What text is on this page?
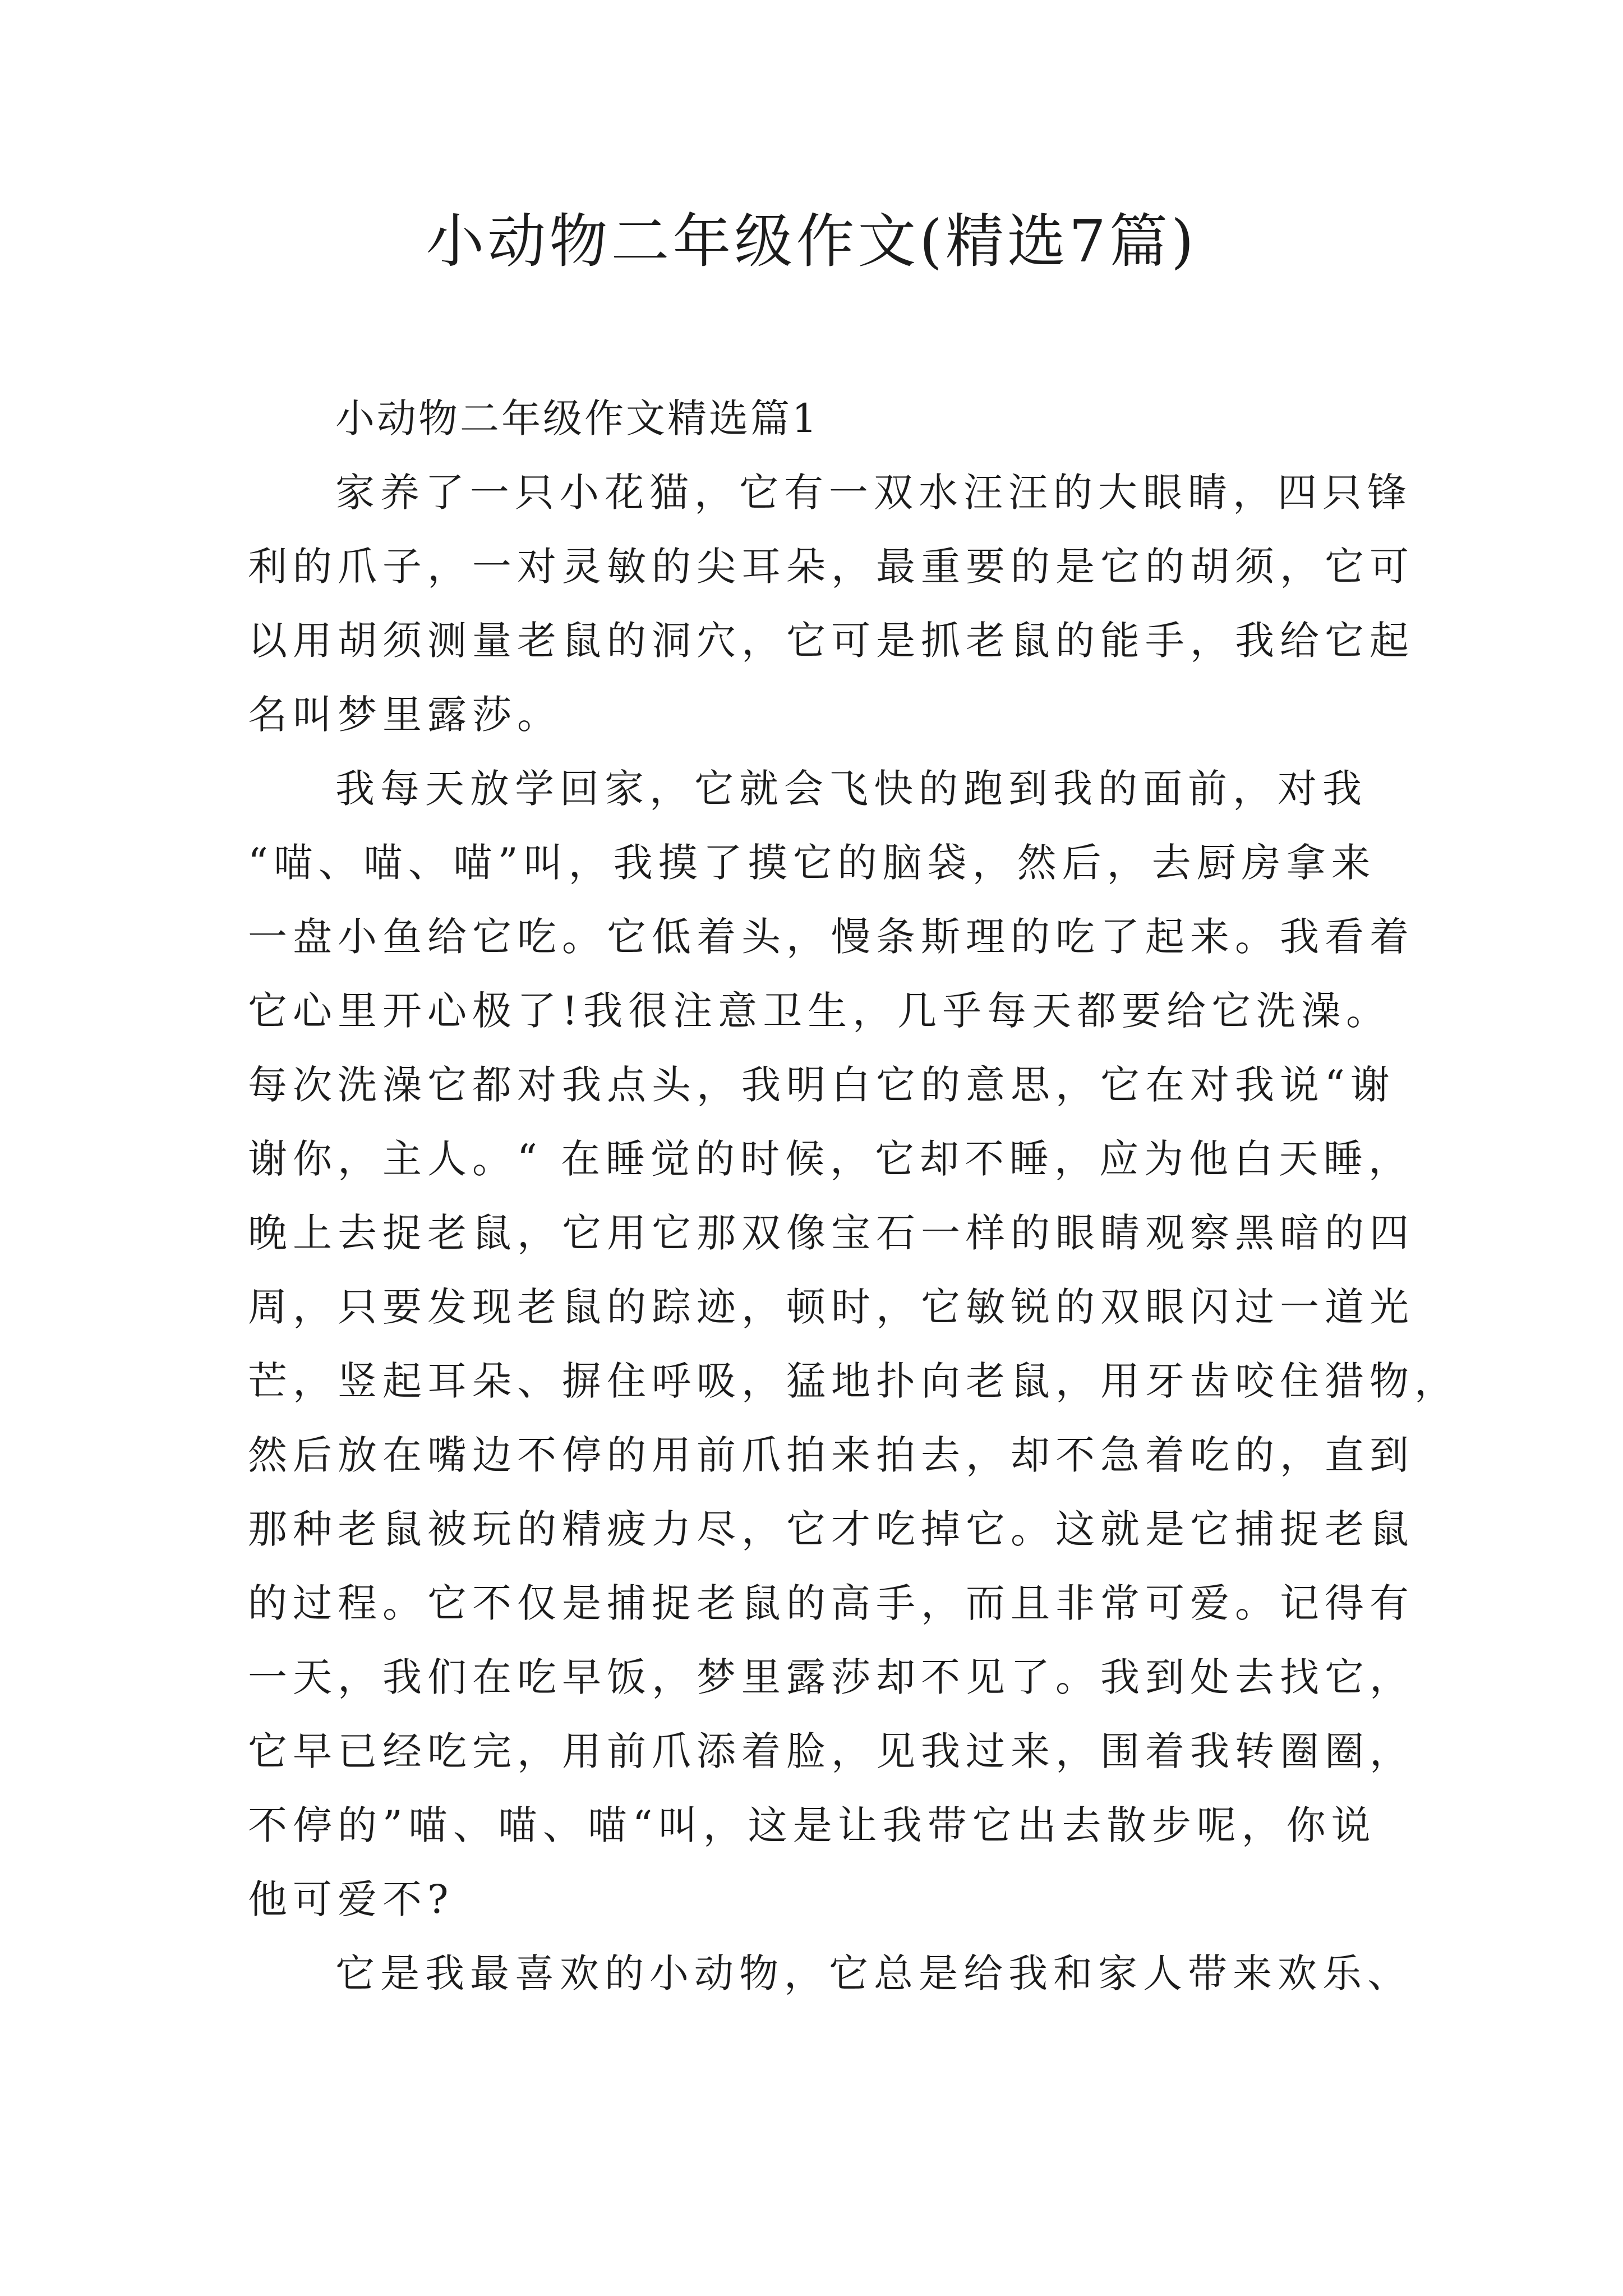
小动物二年级作文(精选7篇)
小动物二年级作文精选篇1

家养了一只小花猫，它有一双水汪汪的大眼睛，四只锋
利的爪子，一对灵敏的尖耳朵，最重要的是它的胡须，它可
以用胡须测量老鼠的洞穴，它可是抓老鼠的能手，我给它起
名叫梦里露莎。

我每天放学回家，它就会飞快的跑到我的面前，对我
“喵、喵、喵”叫，我摸了摸它的脑袋，然后，去厨房拿来
一盘小鱼给它吃。它低着头，慢条斯理的吃了起来。我看着
它心里开心极了!我很注意卫生，几乎每天都要给它洗澡。
每次洗澡它都对我点头，我明白它的意思，它在对我说“谢
谢你，主人。“ 在睡觉的时候，它却不睡，应为他白天睡，
晚上去捉老鼠，它用它那双像宝石一样的眼睛观察黑暗的四
周，只要发现老鼠的踪迹，顿时，它敏锐的双眼闪过一道光
芒，竖起耳朵、摒住呼吸，猛地扑向老鼠，用牙齿咬住猎物，
然后放在嘴边不停的用前爪拍来拍去，却不急着吃的，直到
那种老鼠被玩的精疲力尽，它才吃掉它。这就是它捕捉老鼠
的过程。它不仅是捕捉老鼠的高手，而且非常可爱。记得有
一天，我们在吃早饭，梦里露莎却不见了。我到处去找它，
它早已经吃完，用前爪添着脸，见我过来，围着我转圈圈，
不停的”喵、喵、喵“叫，这是让我带它出去散步呢，你说
他可爱不?

它是我最喜欢的小动物，它总是给我和家人带来欢乐、
